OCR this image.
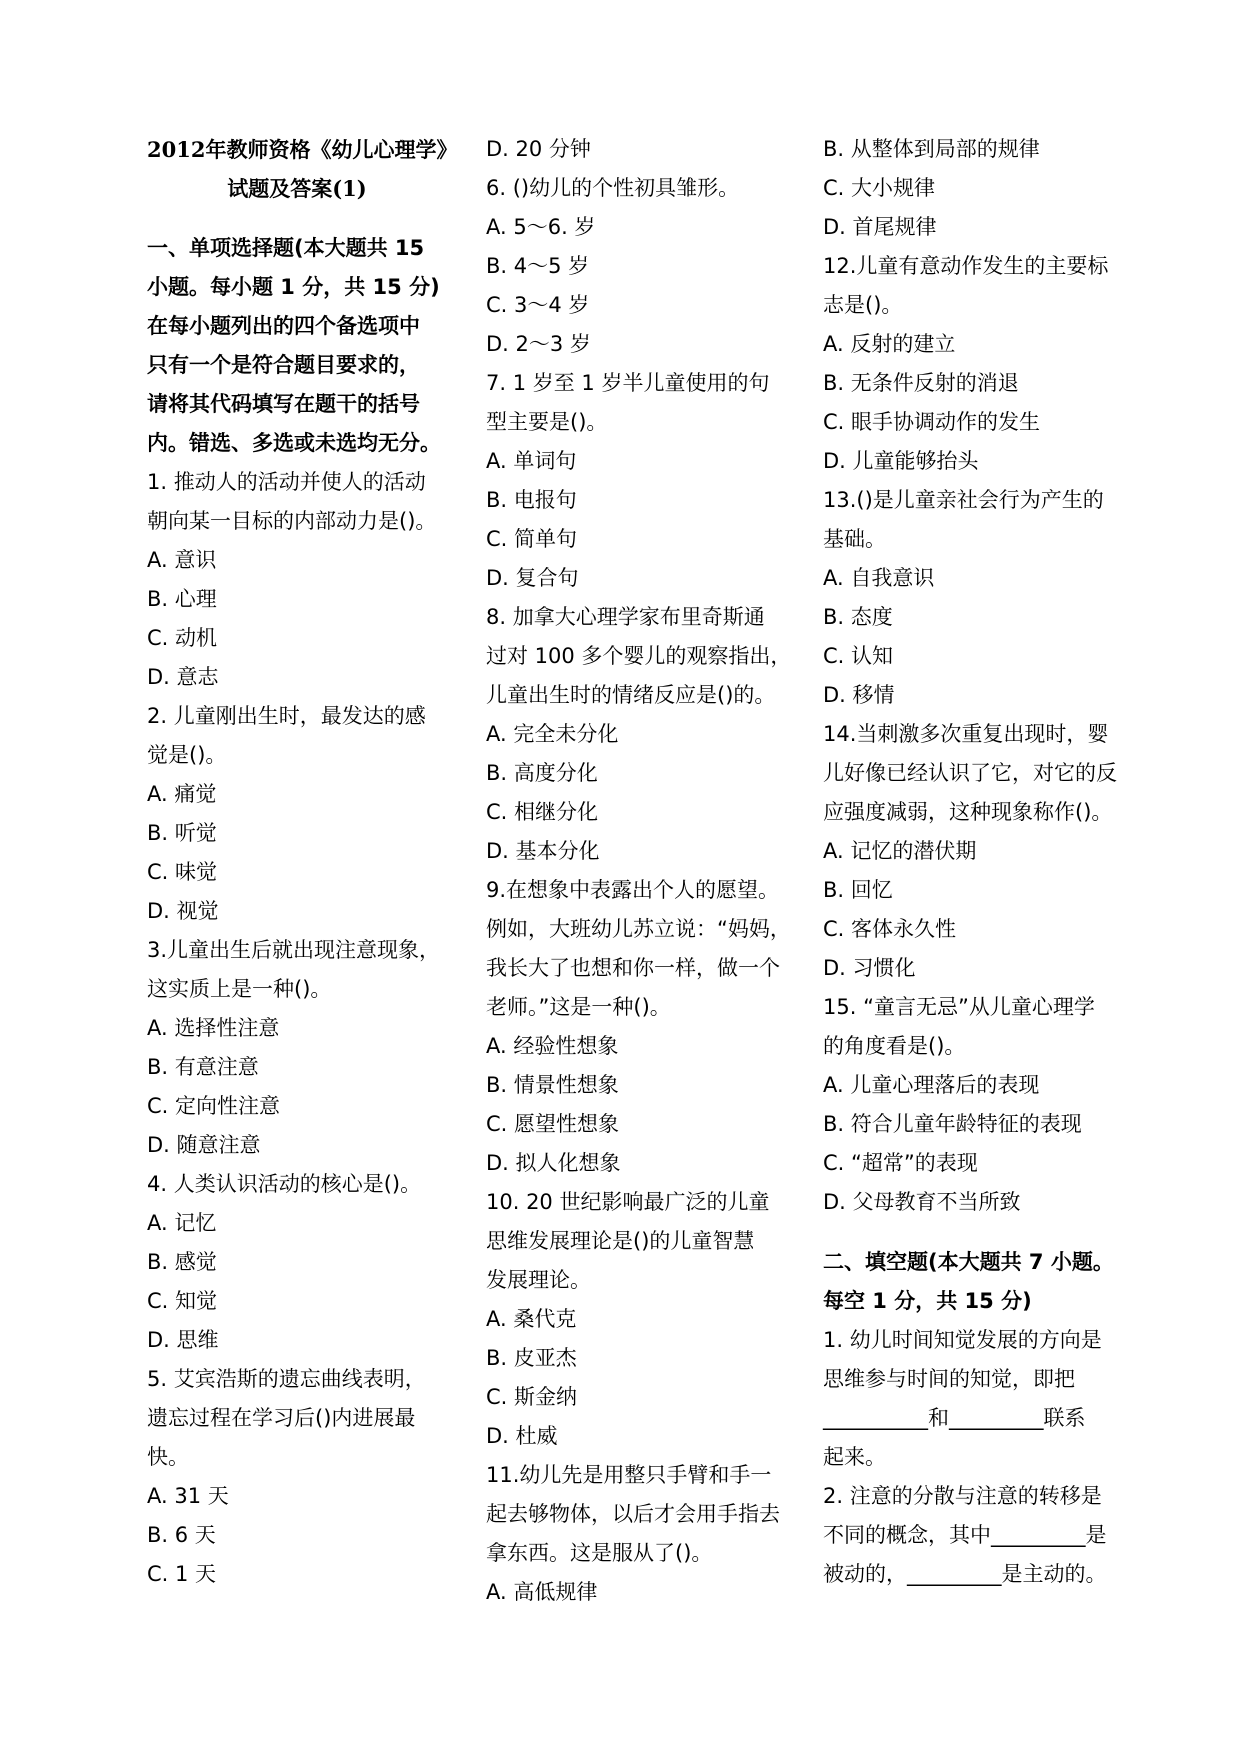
2012年教师资格《幼儿心理学》
试题及答案(1)
一、单项选择题(本大题共 15
小题。每小题 1 分，共 15 分)
在每小题列出的四个备选项中
只有一个是符合题目要求的，
请将其代码填写在题干的括号
内。错选、多选或未选均无分。
1. 推动人的活动并使人的活动
朝向某一目标的内部动力是()。
A. 意识
B. 心理
C. 动机
D. 意志
2. 儿童刚出生时，最发达的感
觉是()。
A. 痛觉
B. 听觉
C. 味觉
D. 视觉
3.儿童出生后就出现注意现象，
这实质上是一种()。
A. 选择性注意
B. 有意注意
C. 定向性注意
D. 随意注意
4. 人类认识活动的核心是()。
A. 记忆
B. 感觉
C. 知觉
D. 思维
5. 艾宾浩斯的遗忘曲线表明，
遗忘过程在学习后()内进展最
快。
A. 31 天
B. 6 天
C. 1 天
D. 20 分钟
6. ()幼儿的个性初具雏形。
A. 5～6. 岁
B. 4～5 岁
C. 3～4 岁
D. 2～3 岁
7. 1 岁至 1 岁半儿童使用的句
型主要是()。
A. 单词句
B. 电报句
C. 简单句
D. 复合句
8. 加拿大心理学家布里奇斯通
过对 100 多个婴儿的观察指出，
儿童出生时的情绪反应是()的。
A. 完全未分化
B. 高度分化
C. 相继分化
D. 基本分化
9.在想象中表露出个人的愿望。
例如，大班幼儿苏立说：“妈妈，
我长大了也想和你一样，做一个
老师。”这是一种()。
A. 经验性想象
B. 情景性想象
C. 愿望性想象
D. 拟人化想象
10. 20 世纪影响最广泛的儿童
思维发展理论是()的儿童智慧
发展理论。
A. 桑代克
B. 皮亚杰
C. 斯金纳
D. 杜威
11.幼儿先是用整只手臂和手一
起去够物体，以后才会用手指去
拿东西。这是服从了()。
A. 高低规律
B. 从整体到局部的规律
C. 大小规律
D. 首尾规律
12.儿童有意动作发生的主要标
志是()。
A. 反射的建立
B. 无条件反射的消退
C. 眼手协调动作的发生
D. 儿童能够抬头
13.()是儿童亲社会行为产生的
基础。
A. 自我意识
B. 态度
C. 认知
D. 移情
14.当刺激多次重复出现时，婴
儿好像已经认识了它，对它的反
应强度减弱，这种现象称作()。
A. 记忆的潜伏期
B. 回忆
C. 客体永久性
D. 习惯化
15. “童言无忌”从儿童心理学
的角度看是()。
A. 儿童心理落后的表现
B. 符合儿童年龄特征的表现
C. “超常”的表现
D. 父母教育不当所致
二、填空题(本大题共 7 小题。
每空 1 分，共 15 分)
1. 幼儿时间知觉发展的方向是
思维参与时间的知觉，即把
__________和_________联系
起来。
2. 注意的分散与注意的转移是
不同的概念，其中_________是
被动的，_________是主动的。
